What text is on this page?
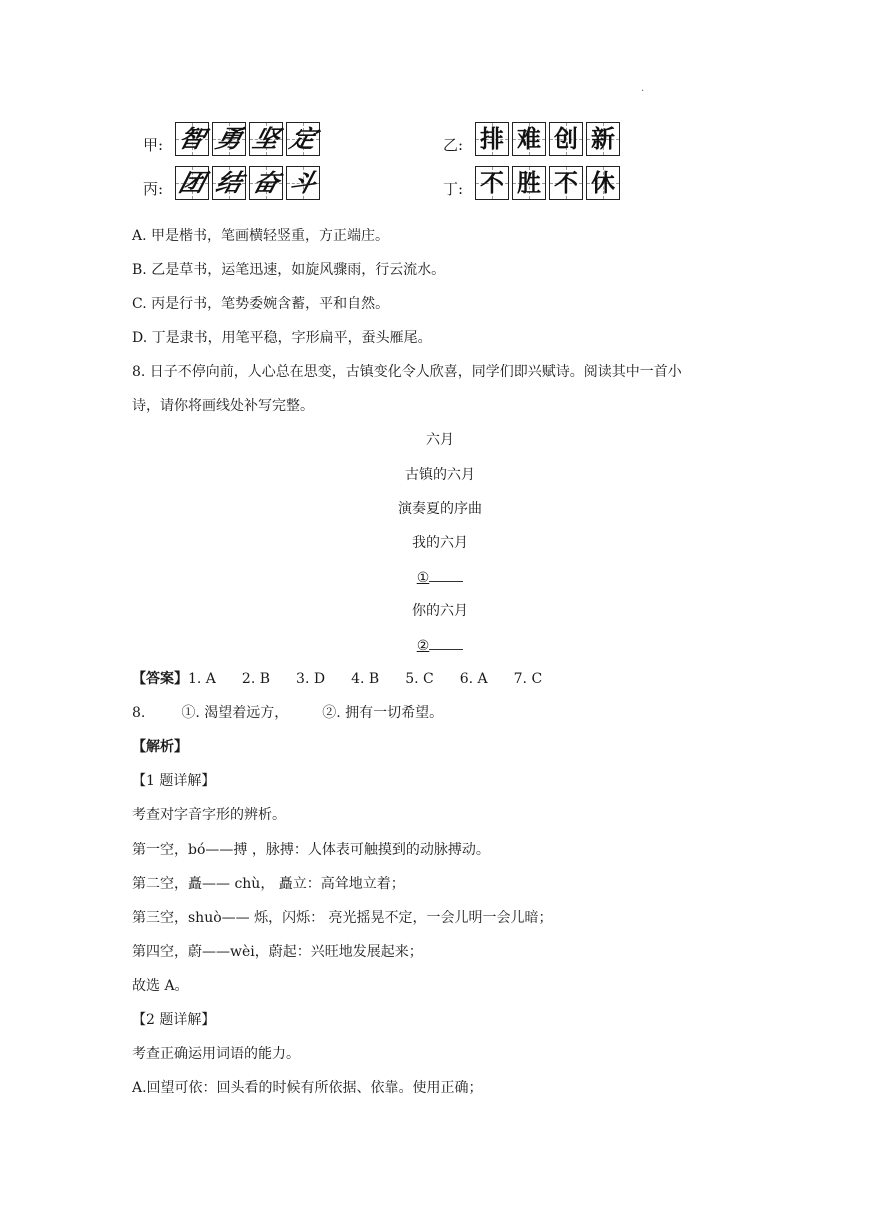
.
甲: 智 勇 坚 定	乙: 排 难 创 新
丙: 团 结 奋 斗	丁: 不 胜 不 休
A. 甲是楷书，笔画横轻竖重，方正端庄。
B. 乙是草书，运笔迅速，如旋风骤雨，行云流水。
C. 丙是行书，笔势委婉含蓄，平和自然。
D. 丁是隶书，用笔平稳，字形扁平，蚕头雁尾。
8. 日子不停向前，人心总在思变，古镇变化令人欣喜，同学们即兴赋诗。阅读其中一首小
诗，请你将画线处补写完整。
六月
古镇的六月
演奏夏的序曲
我的六月
①
你的六月
②
【答案】1. A 2. B 3. D 4. B 5. C 6. A 7. C
8.	①. 渴望着远方， ②. 拥有一切希望。
【解析】
【1 题详解】
考查对字音字形的辨析。
第一空，bó——搏 ，脉搏：人体表可触摸到的动脉搏动。
第二空，矗—— chù， 矗立：高耸地立着；
第三空，shuò—— 烁，闪烁： 亮光摇晃不定，一会儿明一会儿暗；
第四空，蔚——wèi，蔚起：兴旺地发展起来；
故选 A。
【2 题详解】
考查正确运用词语的能力。
A.回望可依：回头看的时候有所依据、依靠。使用正确；
